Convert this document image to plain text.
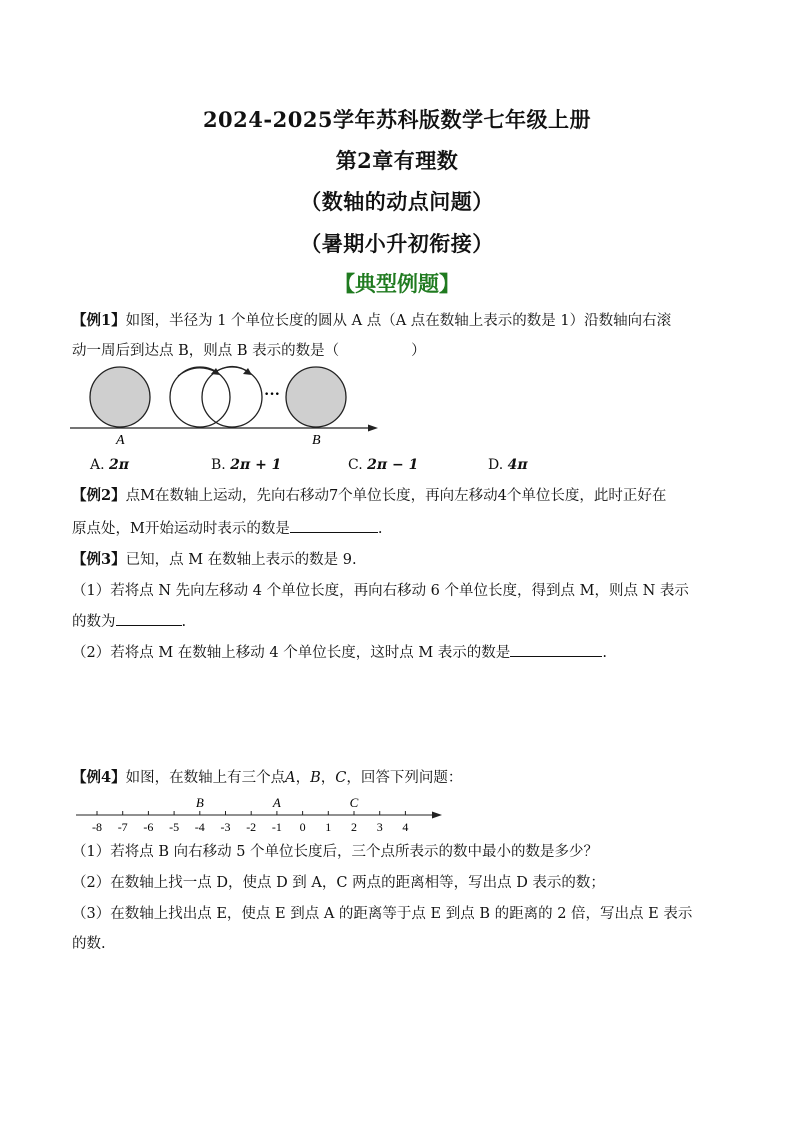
2024-2025学年苏科版数学七年级上册
第2章有理数
（数轴的动点问题）
（暑期小升初衔接）
【典型例题】
【例1】如图，半径为 1 个单位长度的圆从 A 点（A 点在数轴上表示的数是 1）沿数轴向右滚
动一周后到达点 B，则点 B 表示的数是（	）
···
A	B
A. 2π	B. 2π + 1	C. 2π − 1	D. 4π
【例2】点M在数轴上运动，先向右移动7个单位长度，再向左移动4个单位长度，此时正好在
原点处，M开始运动时表示的数是	.
【例3】已知，点 M 在数轴上表示的数是 9.
（1）若将点 N 先向左移动 4 个单位长度，再向右移动 6 个单位长度，得到点 M，则点 N 表示
的数为	.
（2）若将点 M 在数轴上移动 4 个单位长度，这时点 M 表示的数是	.
【例4】如图，在数轴上有三个点A，B，C，回答下列问题：
-8 -7 -6 -5 -4 -3 -2 -1 0 1 2 3 4
B	A	C
（1）若将点 B 向右移动 5 个单位长度后，三个点所表示的数中最小的数是多少？
（2）在数轴上找一点 D，使点 D 到 A，C 两点的距离相等，写出点 D 表示的数；
（3）在数轴上找出点 E，使点 E 到点 A 的距离等于点 E 到点 B 的距离的 2 倍，写出点 E 表示
的数.
